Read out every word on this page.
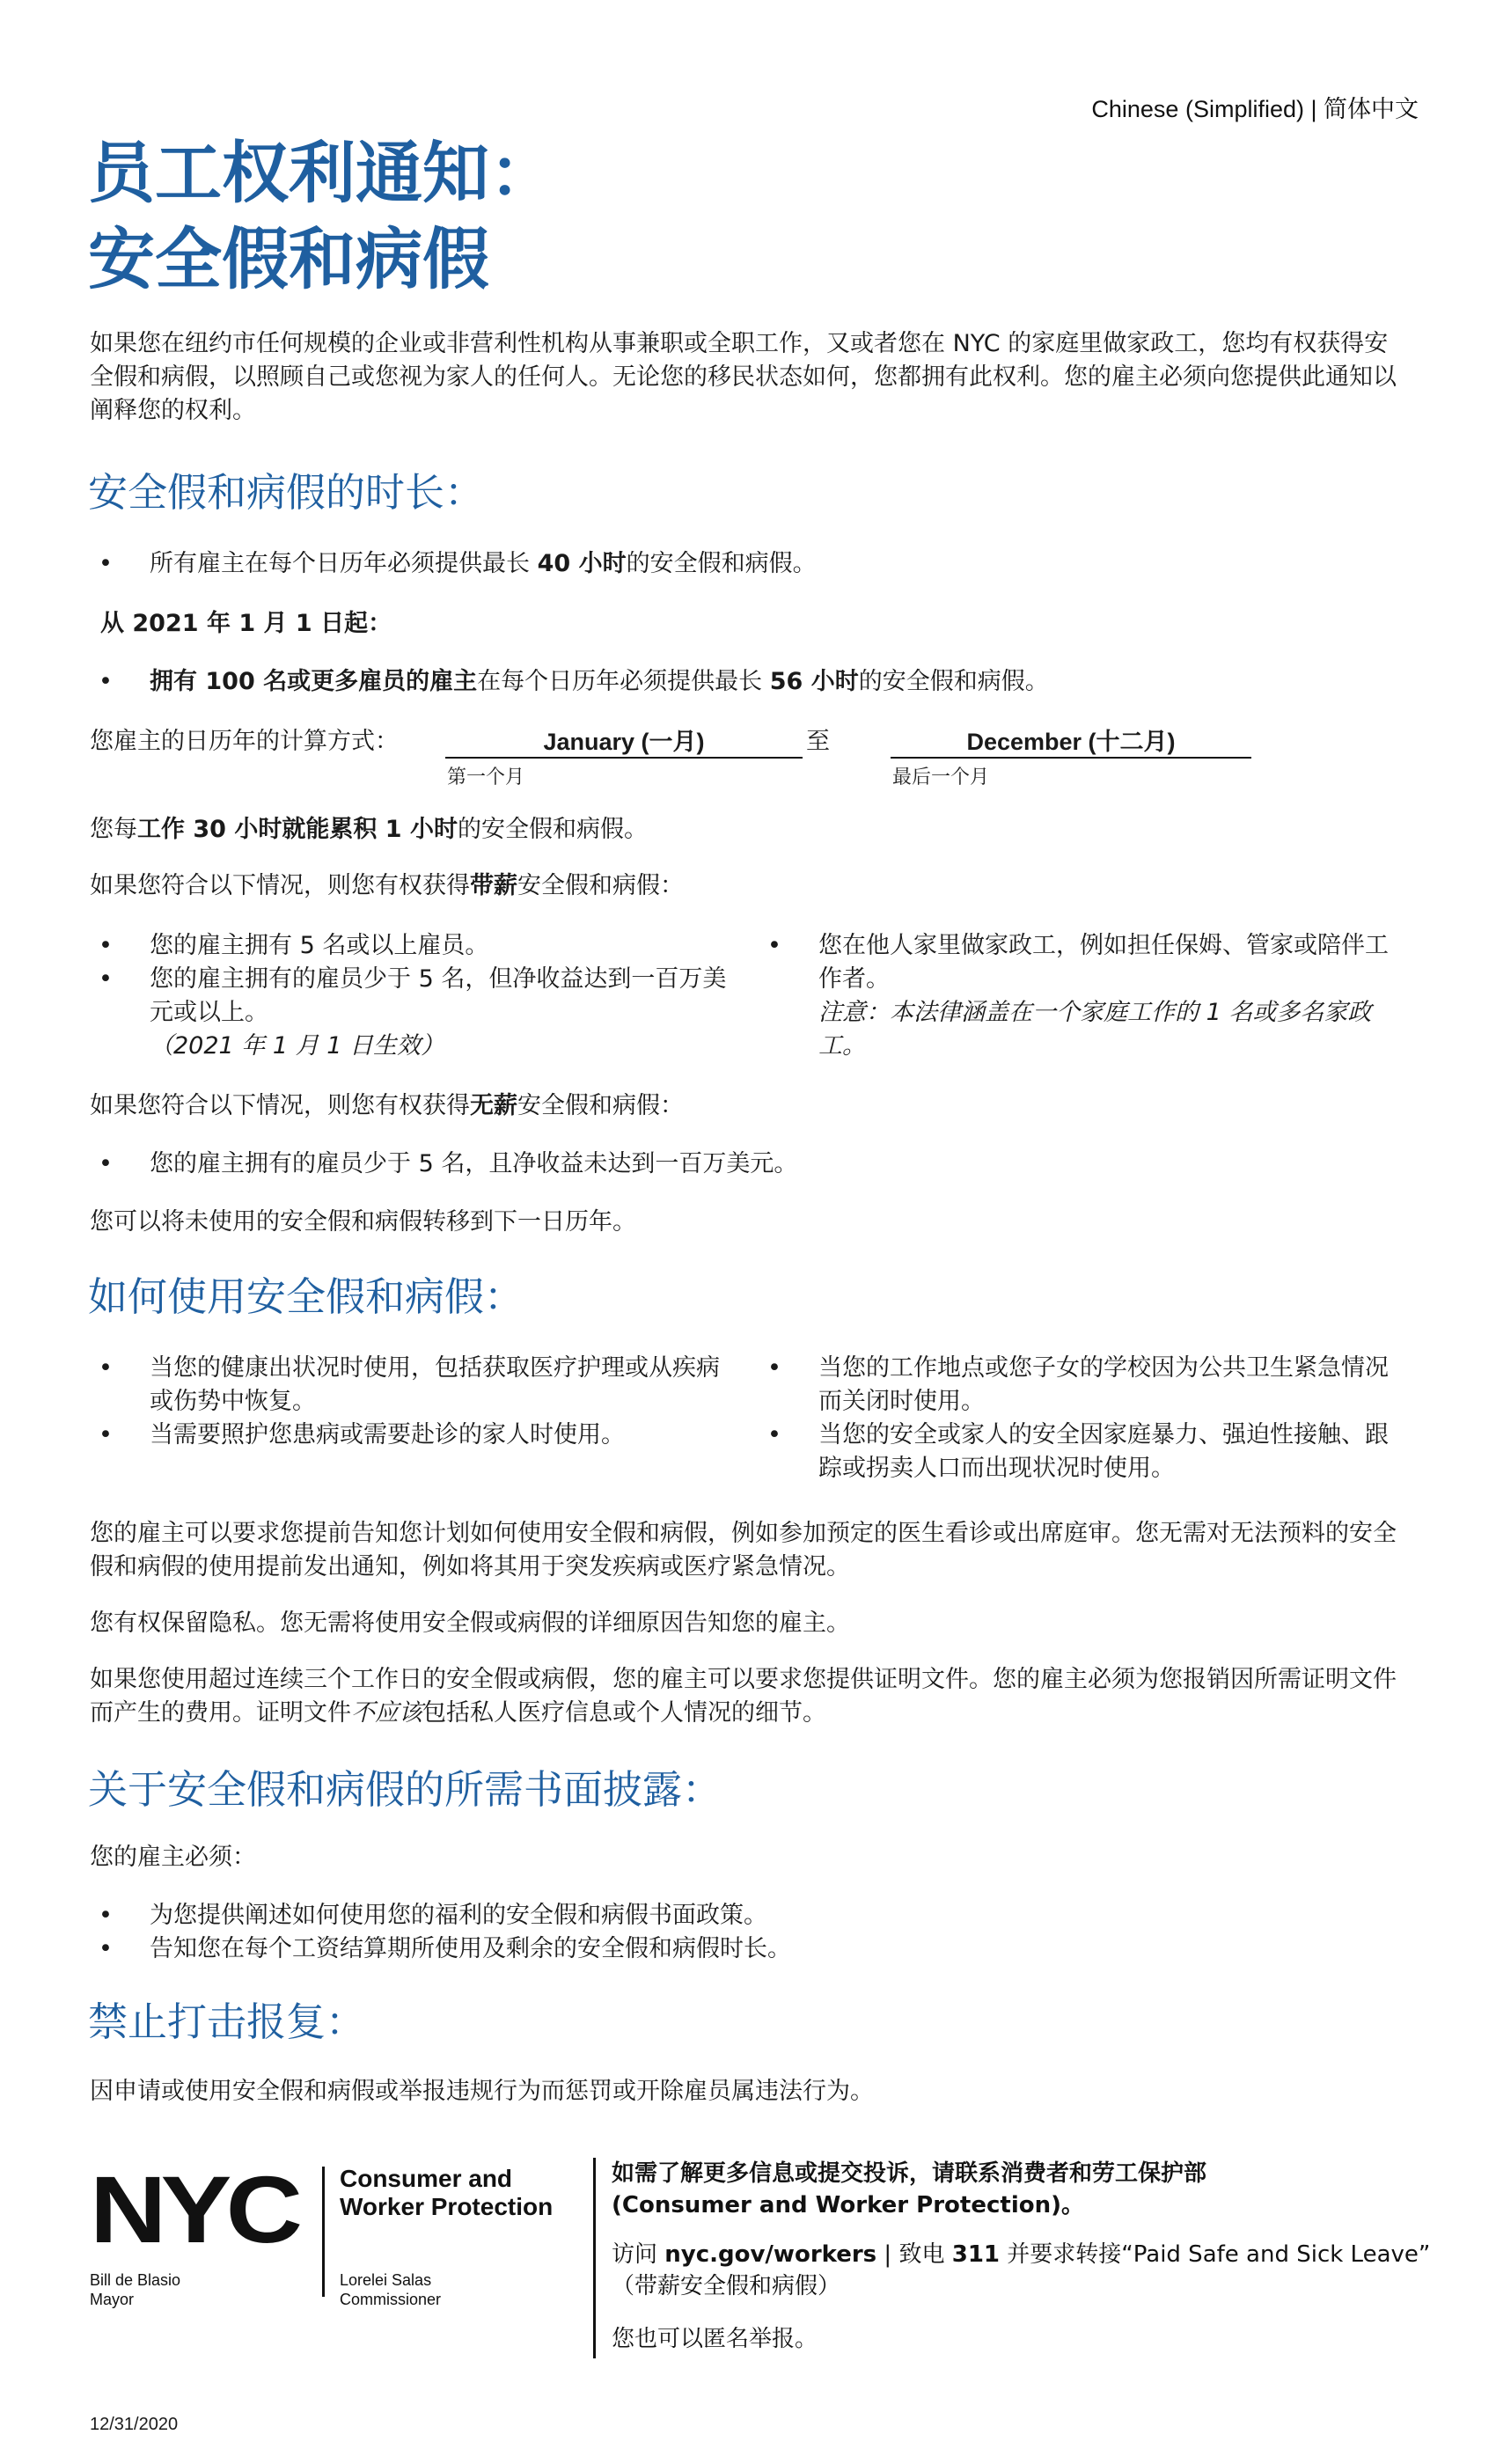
Chinese (Simplified) | 简体中文
员工权利通知：
安全假和病假
如果您在纽约市任何规模的企业或非营利性机构从事兼职或全职工作，又或者您在 NYC 的家庭里做家政工，您均有权获得安全假和病假，以照顾自己或您视为家人的任何人。无论您的移民状态如何，您都拥有此权利。您的雇主必须向您提供此通知以阐释您的权利。
安全假和病假的时长：
• 所有雇主在每个日历年必须提供最长 40 小时的安全假和病假。
从 2021 年 1 月 1 日起：
• 拥有 100 名或更多雇员的雇主在每个日历年必须提供最长 56 小时的安全假和病假。
您雇主的日历年的计算方式：	January (一月)	至	December (十二月)
第一个月	最后一个月
您每工作 30 小时就能累积 1 小时的安全假和病假。
如果您符合以下情况，则您有权获得带薪安全假和病假：
• 您的雇主拥有 5 名或以上雇员。
• 您的雇主拥有的雇员少于 5 名，但净收益达到一百万美元或以上。
（2021 年 1 月 1 日生效）
• 您在他人家里做家政工，例如担任保姆、管家或陪伴工作者。
注意：本法律涵盖在一个家庭工作的 1 名或多名家政工。
如果您符合以下情况，则您有权获得无薪安全假和病假：
• 您的雇主拥有的雇员少于 5 名，且净收益未达到一百万美元。
您可以将未使用的安全假和病假转移到下一日历年。
如何使用安全假和病假：
• 当您的健康出状况时使用，包括获取医疗护理或从疾病或伤势中恢复。
• 当需要照护您患病或需要赴诊的家人时使用。
• 当您的工作地点或您子女的学校因为公共卫生紧急情况而关闭时使用。
• 当您的安全或家人的安全因家庭暴力、强迫性接触、跟踪或拐卖人口而出现状况时使用。
您的雇主可以要求您提前告知您计划如何使用安全假和病假，例如参加预定的医生看诊或出席庭审。您无需对无法预料的安全假和病假的使用提前发出通知，例如将其用于突发疾病或医疗紧急情况。
您有权保留隐私。您无需将使用安全假或病假的详细原因告知您的雇主。
如果您使用超过连续三个工作日的安全假或病假，您的雇主可以要求您提供证明文件。您的雇主必须为您报销因所需证明文件而产生的费用。证明文件不应该包括私人医疗信息或个人情况的细节。
关于安全假和病假的所需书面披露：
您的雇主必须：
• 为您提供阐述如何使用您的福利的安全假和病假书面政策。
• 告知您在每个工资结算期所使用及剩余的安全假和病假时长。
禁止打击报复：
因申请或使用安全假和病假或举报违规行为而惩罚或开除雇员属违法行为。
NYC
Bill de Blasio
Mayor
Consumer and
Worker Protection
Lorelei Salas
Commissioner
如需了解更多信息或提交投诉，请联系消费者和劳工保护部
(Consumer and Worker Protection)。
访问 nyc.gov/workers | 致电 311 并要求转接“Paid Safe and Sick Leave”
（带薪安全假和病假）
您也可以匿名举报。
12/31/2020
